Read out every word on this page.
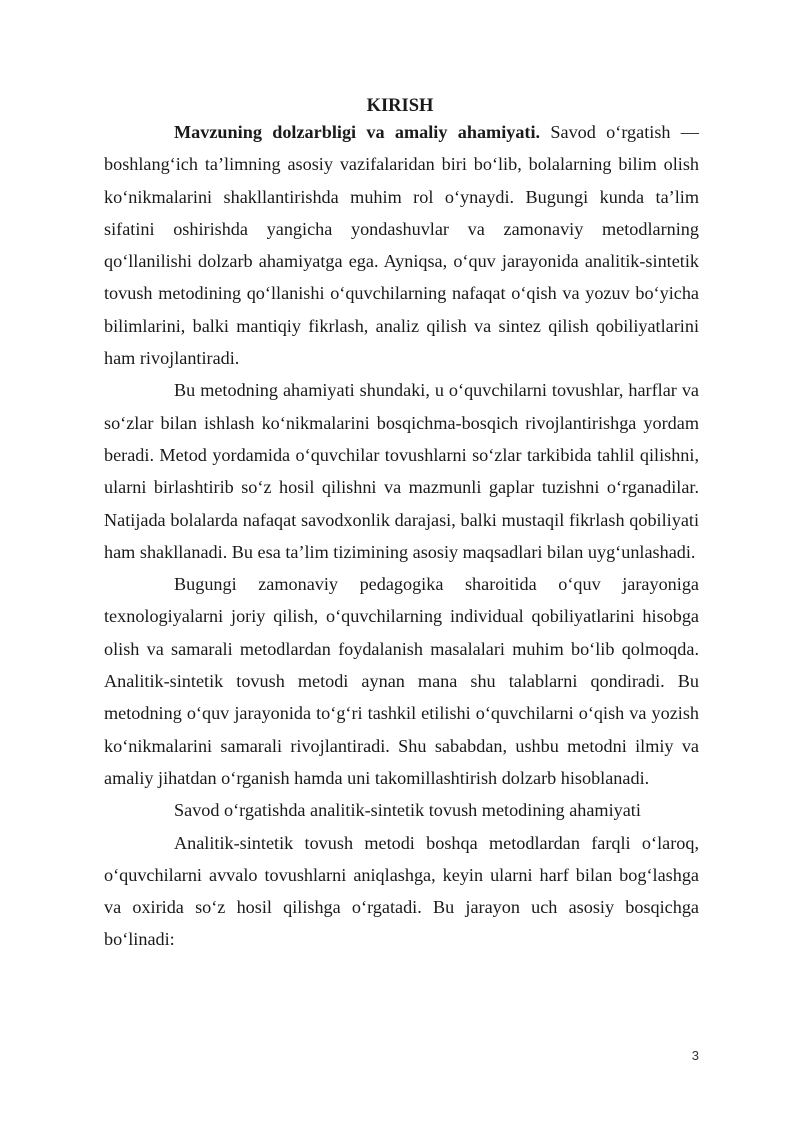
KIRISH

Mavzuning dolzarbligi va amaliy ahamiyati. Savod o‘rgatish — boshlang‘ich ta’limning asosiy vazifalaridan biri bo‘lib, bolalarning bilim olish ko‘nikmalarini shakllantirishda muhim rol o‘ynaydi. Bugungi kunda ta’lim sifatini oshirishda yangicha yondashuvlar va zamonaviy metodlarning qo‘llanilishi dolzarb ahamiyatga ega. Ayniqsa, o‘quv jarayonida analitik-sintetik tovush metodining qo‘llanishi o‘quvchilarning nafaqat o‘qish va yozuv bo‘yicha bilimlarini, balki mantiqiy fikrlash, analiz qilish va sintez qilish qobiliyatlarini ham rivojlantiradi.

Bu metodning ahamiyati shundaki, u o‘quvchilarni tovushlar, harflar va so‘zlar bilan ishlash ko‘nikmalarini bosqichma-bosqich rivojlantirishga yordam beradi. Metod yordamida o‘quvchilar tovushlarni so‘zlar tarkibida tahlil qilishni, ularni birlashtirib so‘z hosil qilishni va mazmunli gaplar tuzishni o‘rganadilar. Natijada bolalarda nafaqat savodxonlik darajasi, balki mustaqil fikrlash qobiliyati ham shakllanadi. Bu esa ta’lim tizimining asosiy maqsadlari bilan uyg‘unlashadi.

Bugungi zamonaviy pedagogika sharoitida o‘quv jarayoniga texnologiyalarni joriy qilish, o‘quvchilarning individual qobiliyatlarini hisobga olish va samarali metodlardan foydalanish masalalari muhim bo‘lib qolmoqda. Analitik-sintetik tovush metodi aynan mana shu talablarni qondiradi. Bu metodning o‘quv jarayonida to‘g‘ri tashkil etilishi o‘quvchilarni o‘qish va yozish ko‘nikmalarini samarali rivojlantiradi. Shu sababdan, ushbu metodni ilmiy va amaliy jihatdan o‘rganish hamda uni takomillashtirish dolzarb hisoblanadi.

Savod o‘rgatishda analitik-sintetik tovush metodining ahamiyati

Analitik-sintetik tovush metodi boshqa metodlardan farqli o‘laroq, o‘quvchilarni avvalo tovushlarni aniqlashga, keyin ularni harf bilan bog‘lashga va oxirida so‘z hosil qilishga o‘rgatadi. Bu jarayon uch asosiy bosqichga bo‘linadi:

3
